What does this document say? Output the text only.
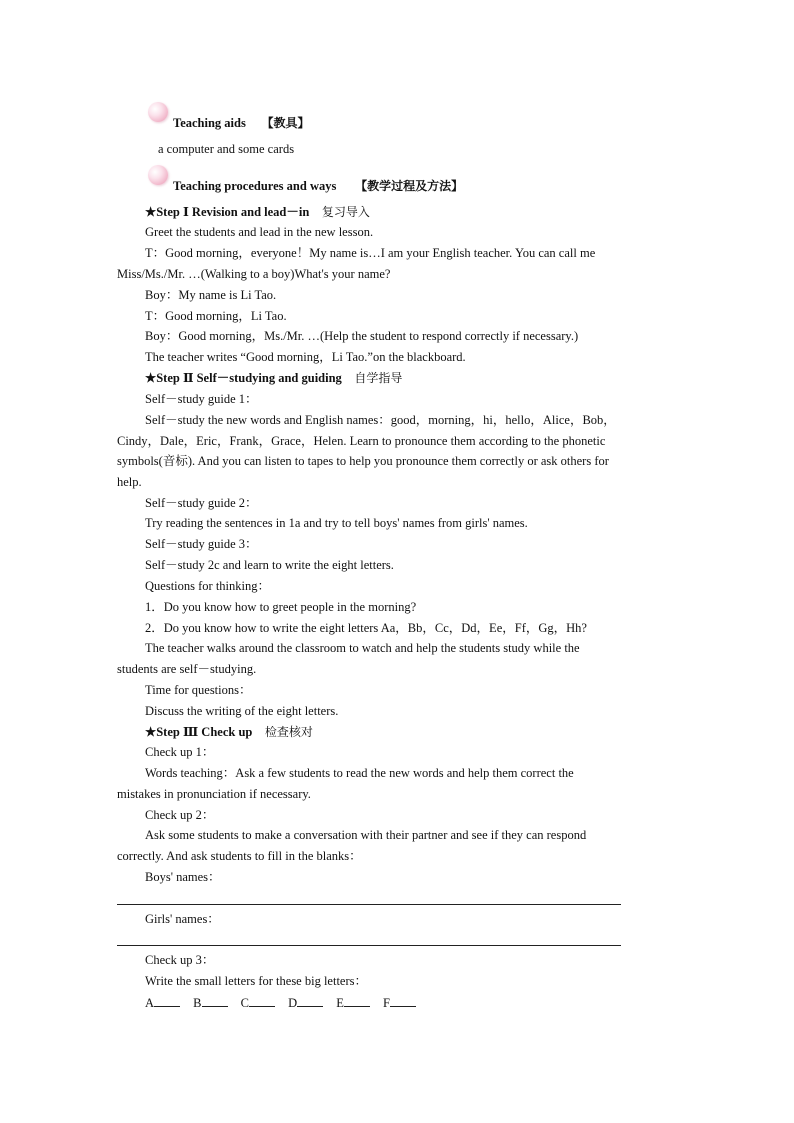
Teaching aids 【教具】
a computer and some cards
Teaching procedures and ways 【教学过程及方法】
★Step Ⅰ Revision and lead－in 复习导入
Greet the students and lead in the new lesson.
T：Good morning，everyone！My name is…I am your English teacher. You can call me
Miss/Ms./Mr. …(Walking to a boy)What's your name?
Boy：My name is Li Tao.
T：Good morning，Li Tao.
Boy：Good morning，Ms./Mr. …(Help the student to respond correctly if necessary.)
The teacher writes “Good morning，Li Tao.”on the blackboard.
★Step Ⅱ Self－studying and guiding 自学指导
Self－study guide 1：
Self－study the new words and English names：good，morning，hi，hello，Alice，Bob，
Cindy，Dale，Eric，Frank，Grace，Helen. Learn to pronounce them according to the phonetic
symbols(音标). And you can listen to tapes to help you pronounce them correctly or ask others for
help.
Self－study guide 2：
Try reading the sentences in 1a and try to tell boys' names from girls' names.
Self－study guide 3：
Self－study 2c and learn to write the eight letters.
Questions for thinking：
1．Do you know how to greet people in the morning?
2．Do you know how to write the eight letters Aa，Bb，Cc，Dd，Ee，Ff，Gg，Hh?
The teacher walks around the classroom to watch and help the students study while the
students are self－studying.
Time for questions：
Discuss the writing of the eight letters.
★Step Ⅲ Check up 检查核对
Check up 1：
Words teaching：Ask a few students to read the new words and help them correct the
mistakes in pronunciation if necessary.
Check up 2：
Ask some students to make a conversation with their partner and see if they can respond
correctly. And ask students to fill in the blanks：
Boys' names：
Girls' names：
Check up 3：
Write the small letters for these big letters：
A	B	C	D	E	F
